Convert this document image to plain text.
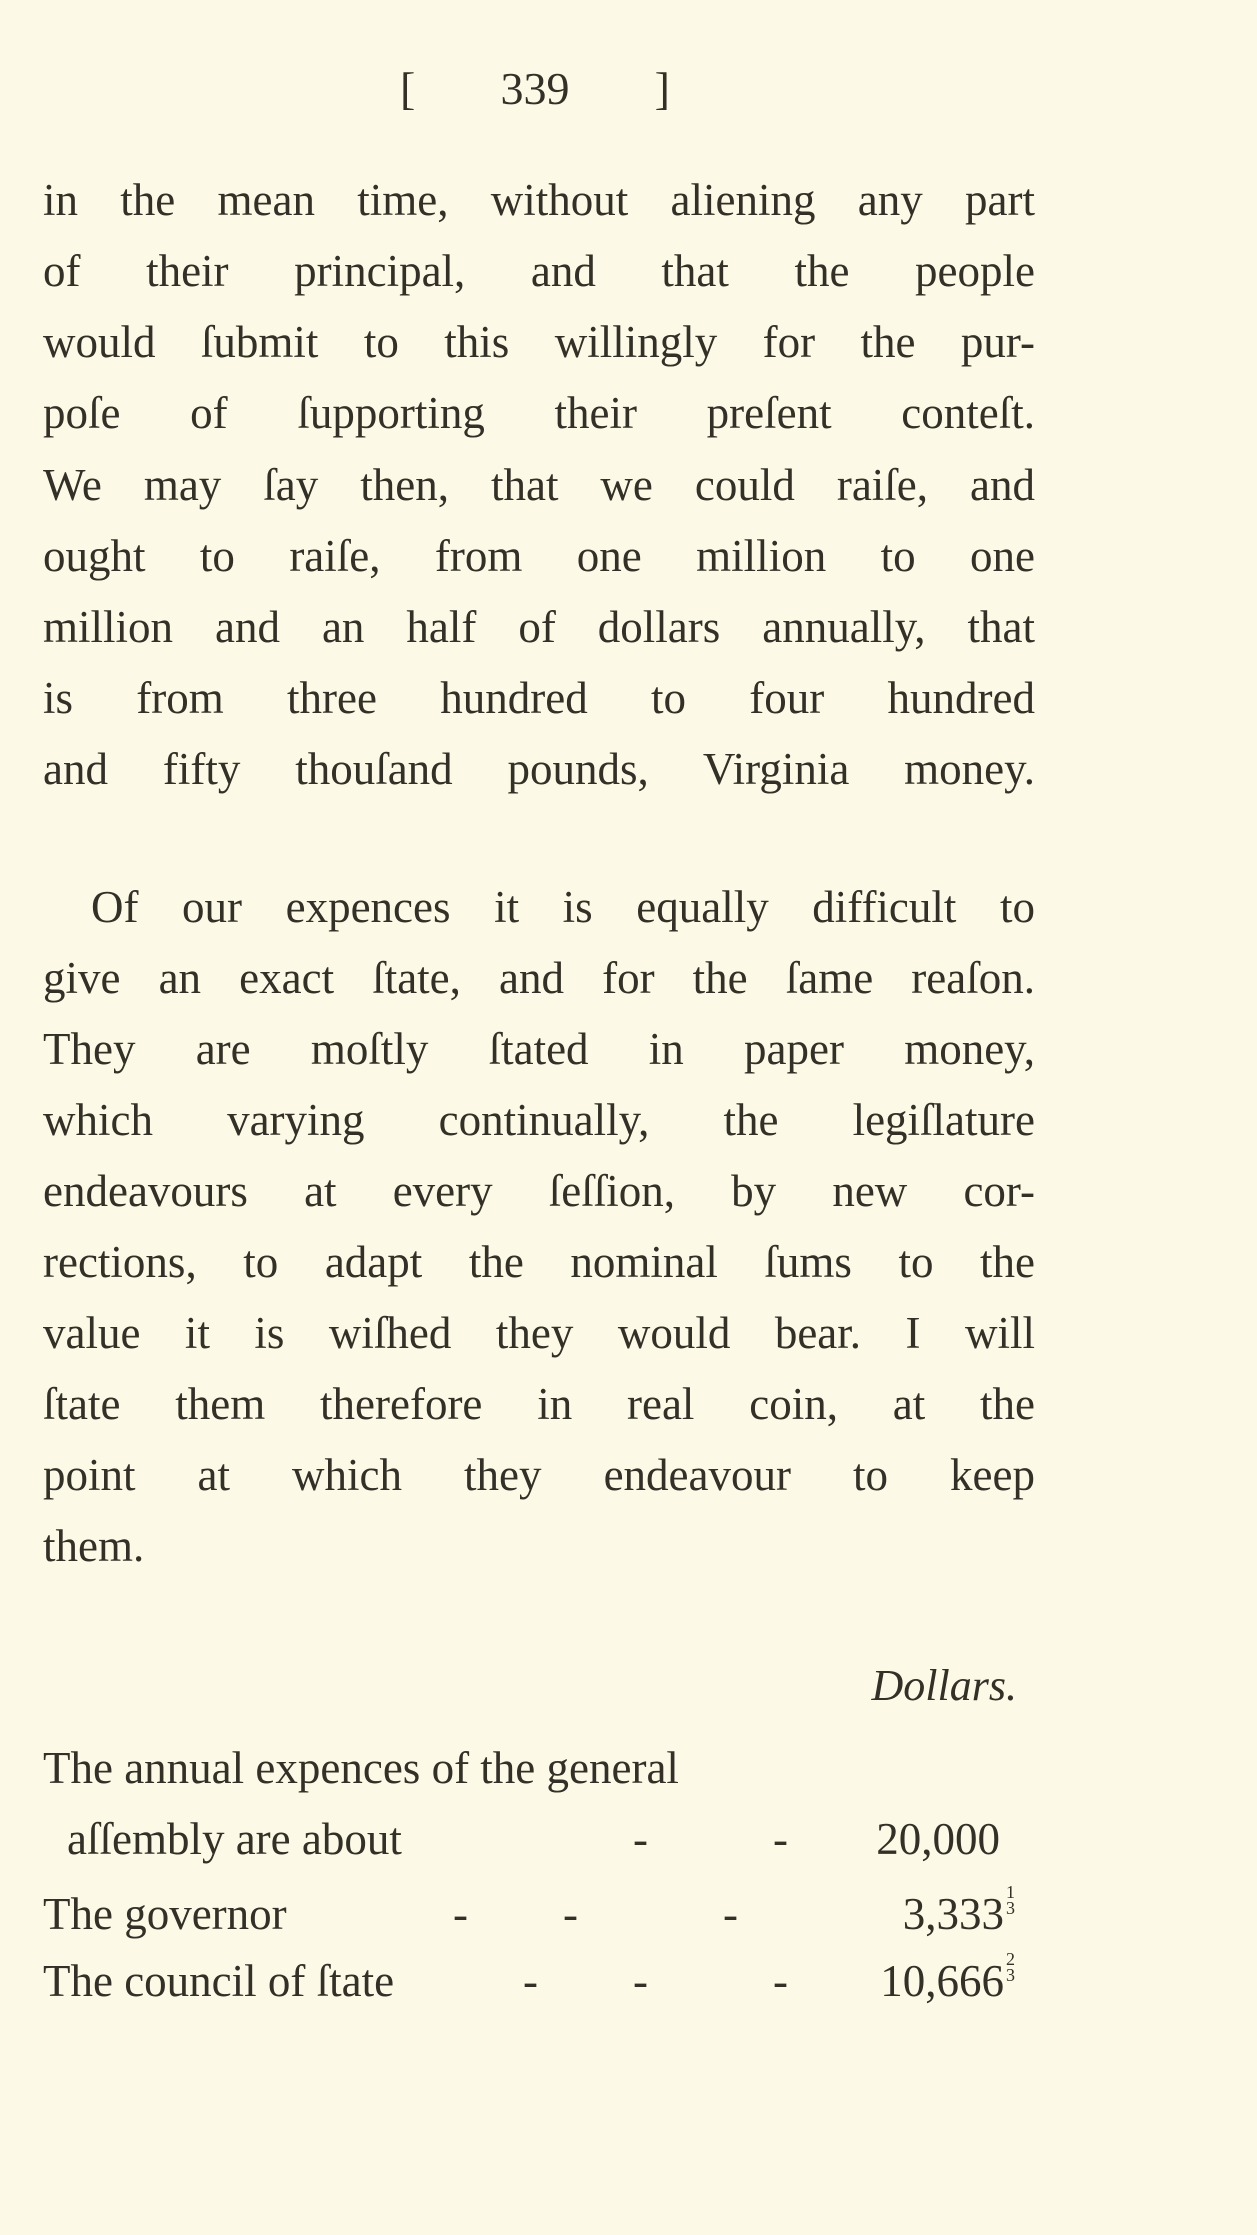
[ 339 ]
in the mean time, without aliening any part
of their principal, and that the people
would ſubmit to this willingly for the pur-
poſe of ſupporting their preſent conteſt.
We may ſay then, that we could raiſe, and
ought to raiſe, from one million to one
million and an half of dollars annually, that
is from three hundred to four hundred
and fifty thouſand pounds, Virginia money.
Of our expences it is equally difficult to
give an exact ſtate, and for the ſame reaſon.
They are moſtly ſtated in paper money,
which varying continually, the legiſlature
endeavours at every ſeſſion, by new cor-
rections, to adapt the nominal ſums to the
value it is wiſhed they would bear. I will
ſtate them therefore in real coin, at the
point at which they endeavour to keep
them.
Dollars.
The annual expences of the general
aſſembly are about	-	- 20,000
The governor	- -	-	3,333 1
3
The council of ſtate	- -	- 10,666 2
3
